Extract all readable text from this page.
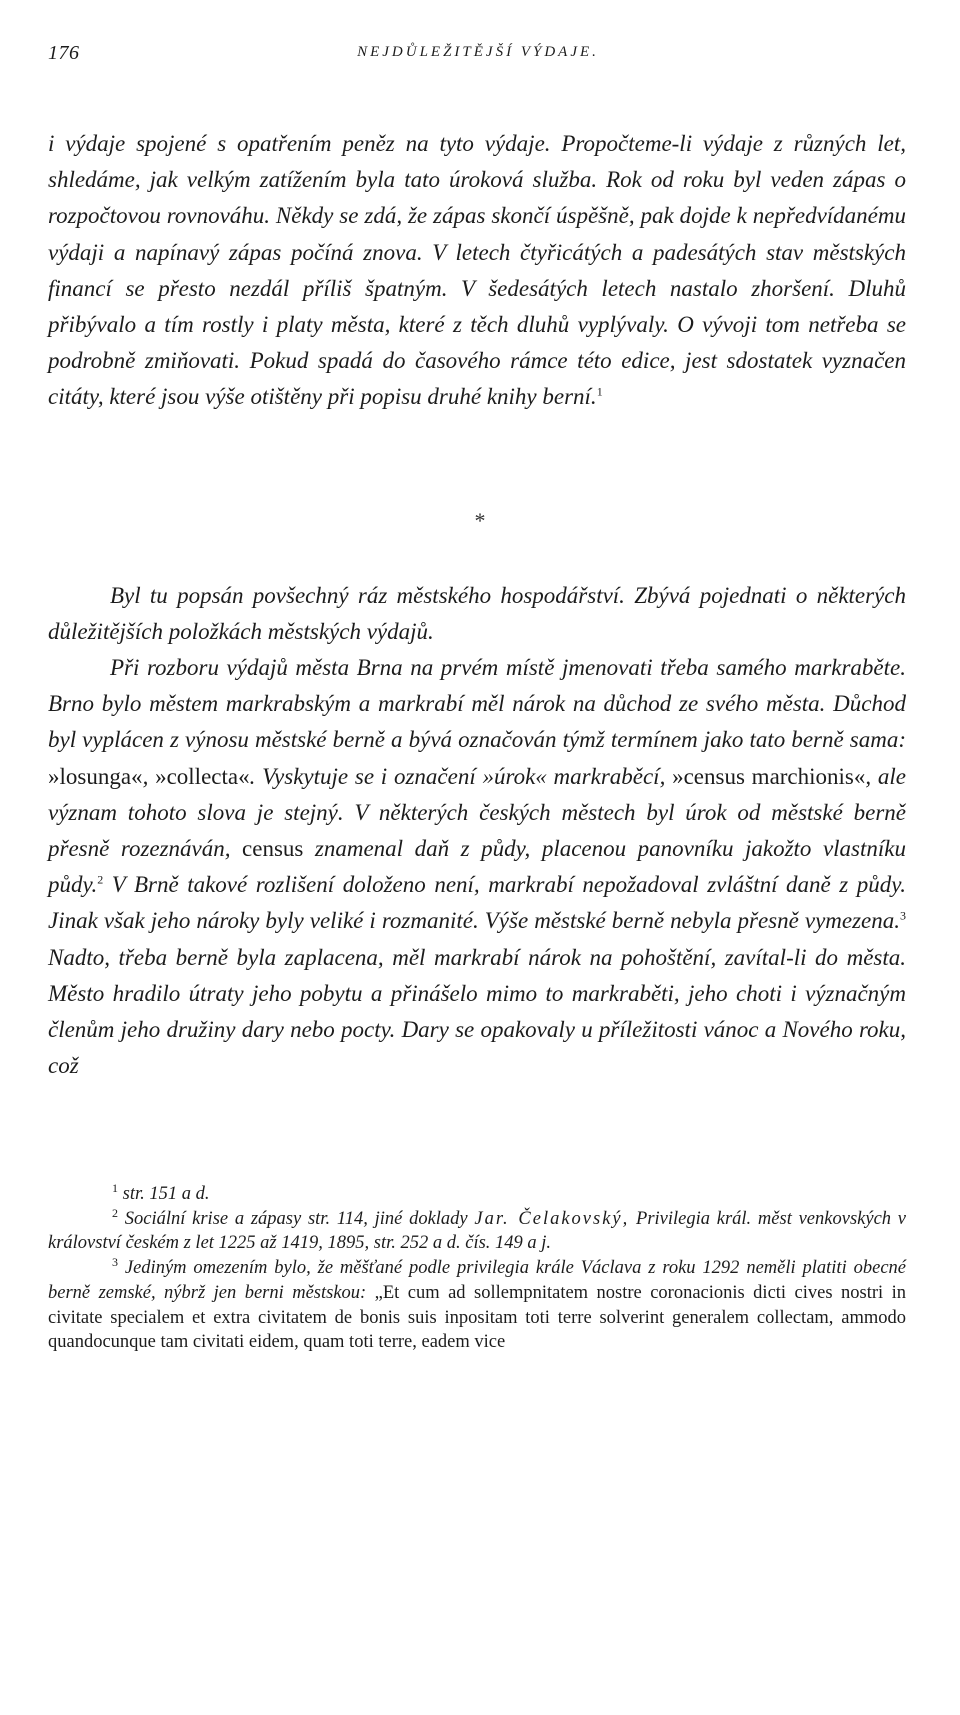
176	NEJDŮLEŽITĚJŠÍ VÝDAJE.

i výdaje spojené s opatřením peněz na tyto výdaje. Propočteme-li výdaje z různých let, shledáme, jak velkým zatížením byla tato úroková služba. Rok od roku byl veden zápas o rozpočtovou rovnováhu. Někdy se zdá, že zápas skončí úspěšně, pak dojde k nepředvídanému výdaji a napínavý zápas počíná znova. V letech čtyřicátých a padesátých stav městských financí se přesto nezdál příliš špatným. V šedesátých letech nastalo zhoršení. Dluhů přibývalo a tím rostly i platy města, které z těch dluhů vyplývaly. O vývoji tom netřeba se podrobně zmiňovati. Pokud spadá do časového rámce této edice, jest sdostatek vyznačen citáty, které jsou výše otištěny při popisu druhé knihy berní.$^1$

*

Byl tu popsán povšechný ráz městského hospodářství. Zbývá pojednati o některých důležitějších položkách městských výdajů.

Při rozboru výdajů města Brna na prvém místě jmenovati třeba samého markraběte. Brno bylo městem markrabským a markrabí měl nárok na důchod ze svého města. Důchod byl vyplácen z výnosu městské berně a bývá označován týmž termínem jako tato berně sama: »losunga«, »collecta«. Vyskytuje se i označení »úrok« markraběcí, »census marchionis«, ale význam tohoto slova je stejný. V některých českých městech byl úrok od městské berně přesně rozeznáván, census znamenal daň z půdy, placenou panovníku jakožto vlastníku půdy.$^2$ V Brně takové rozlišení doloženo není, markrabí nepožadoval zvláštní daně z půdy. Jinak však jeho nároky byly veliké i rozmanité. Výše městské berně nebyla přesně vymezena.$^3$ Nadto, třeba berně byla zaplacena, měl markrabí nárok na pohoštění, zavítal-li do města. Město hradilo útraty jeho pobytu a přinášelo mimo to markraběti, jeho choti i význačným členům jeho družiny dary nebo pocty. Dary se opakovaly u příležitosti vánoc a Nového roku, což

$^1$ str. 151 a d.

$^2$ Sociální krise a zápasy str. 114, jiné doklady Jar. Čelakovský, Privilegia král. měst venkovských v království českém z let 1225 až 1419, 1895, str. 252 a d. čís. 149 a j.

$^3$ Jediným omezením bylo, že měšťané podle privilegia krále Václava z roku 1292 neměli platiti obecné berně zemské, nýbrž jen berni městskou: „Et cum ad sollempnitatem nostre coronacionis dicti cives nostri in civitate specialem et extra civitatem de bonis suis inpositam toti terre solverint generalem collectam, ammodo quandocunque tam civitati eidem, quam toti terre, eadem vice
